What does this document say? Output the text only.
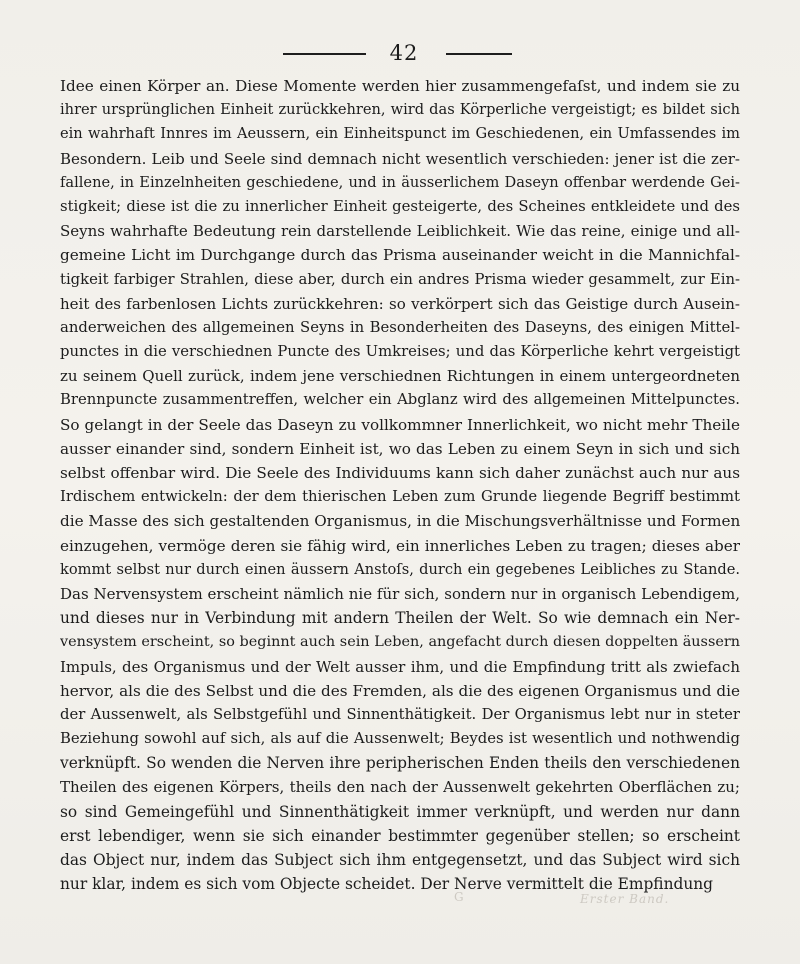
42
Idee einen Körper an. Diese Momente werden hier zusammengefaſst, und indem sie zu
ihrer ursprünglichen Einheit zurückkehren, wird das Körperliche vergeistigt; es bildet sich
ein wahrhaft Innres im Aeussern, ein Einheitspunct im Geschiedenen, ein Umfassendes im
Besondern. Leib und Seele sind demnach nicht wesentlich verschieden: jener ist die zer-
fallene, in Einzelnheiten geschiedene, und in äusserlichem Daseyn offenbar werdende Gei-
stigkeit; diese ist die zu innerlicher Einheit gesteigerte, des Scheines entkleidete und des
Seyns wahrhafte Bedeutung rein darstellende Leiblichkeit. Wie das reine, einige und all-
gemeine Licht im Durchgange durch das Prisma auseinander weicht in die Mannichfal-
tigkeit farbiger Strahlen, diese aber, durch ein andres Prisma wieder gesammelt, zur Ein-
heit des farbenlosen Lichts zurückkehren: so verkörpert sich das Geistige durch Ausein-
anderweichen des allgemeinen Seyns in Besonderheiten des Daseyns, des einigen Mittel-
punctes in die verschiednen Puncte des Umkreises; und das Körperliche kehrt vergeistigt
zu seinem Quell zurück, indem jene verschiednen Richtungen in einem untergeordneten
Brennpuncte zusammentreffen, welcher ein Abglanz wird des allgemeinen Mittelpunctes.
So gelangt in der Seele das Daseyn zu vollkommner Innerlichkeit, wo nicht mehr Theile
ausser einander sind, sondern Einheit ist, wo das Leben zu einem Seyn in sich und sich
selbst offenbar wird. Die Seele des Individuums kann sich daher zunächst auch nur aus
Irdischem entwickeln: der dem thierischen Leben zum Grunde liegende Begriff bestimmt
die Masse des sich gestaltenden Organismus, in die Mischungsverhältnisse und Formen
einzugehen, vermöge deren sie fähig wird, ein innerliches Leben zu tragen; dieses aber
kommt selbst nur durch einen äussern Anstoſs, durch ein gegebenes Leibliches zu Stande.
Das Nervensystem erscheint nämlich nie für sich, sondern nur in organisch Lebendigem,
und dieses nur in Verbindung mit andern Theilen der Welt. So wie demnach ein Ner-
vensystem erscheint, so beginnt auch sein Leben, angefacht durch diesen doppelten äussern
Impuls, des Organismus und der Welt ausser ihm, und die Empfindung tritt als zwiefach
hervor, als die des Selbst und die des Fremden, als die des eigenen Organismus und die
der Aussenwelt, als Selbstgefühl und Sinnenthätigkeit. Der Organismus lebt nur in steter
Beziehung sowohl auf sich, als auf die Aussenwelt; Beydes ist wesentlich und nothwendig
verknüpft. So wenden die Nerven ihre peripherischen Enden theils den verschiedenen
Theilen des eigenen Körpers, theils den nach der Aussenwelt gekehrten Oberflächen zu;
so sind Gemeingefühl und Sinnenthätigkeit immer verknüpft, und werden nur dann
erst lebendiger, wenn sie sich einander bestimmter gegenüber stellen; so erscheint
das Object nur, indem das Subject sich ihm entgegensetzt, und das Subject wird sich
nur klar, indem es sich vom Objecte scheidet. Der Nerve vermittelt die Empfindung
G	Erster Band.
